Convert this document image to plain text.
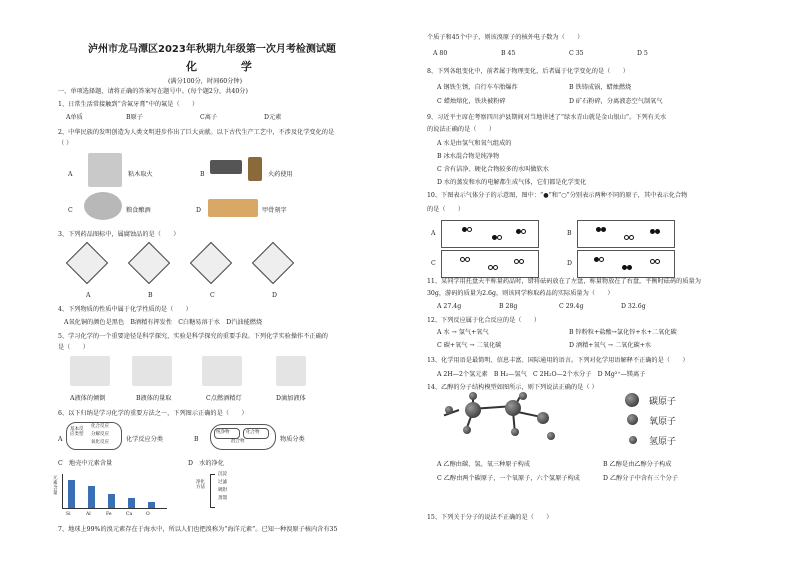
泸州市龙马潭区2023年秋期九年级第一次月考检测试题
化 学
(满分100分，时间60分钟)
一、单项选择题，请将正确的答案写在题号中。(每个题2分，共40分)
1、日常生活常接触到“含氟牙膏”中的氟是（　　）
A单质	B原子	C离子	D元素
2、中华民族的发明创造为人类文明进步作出了巨大贡献。以下古代生产工艺中，不涉及化学变化的是
（ ）
A	粘木取火	B	火药使用
C	粮食酿酒	D	甲骨刻字
3、下列药品图标中，属腐蚀品的是（　　）
A	B	C	D
4、下列物质的性质中属于化学性质的是（　　）
A氧化铜的颜色是黑色　B酒精有挥发性　C白糖易溶于水　D汽油能燃烧
5、学习化学的一个重要途径是科学探究，实验是科学探究的重要手段。下列化学实验操作不正确的
是（　　）
A液体的倾倒	B液体的量取	C点燃酒精灯	D滴加液体
6、以下归纳是学习化学的重要方法之一，下列图示正确的是（　　）
A
基本反应类型
化合反应
分解反应
氧化反应	化学反应分类	B
纯净物	化合物
混合物	物质分类
C　地壳中元素含量	D　水的净化
元素含量
Si	Al	Fe	Ca	O
净化方法
沉淀
过滤
吸附
蒸馏
7、地球上99%的溴元素存在于海水中，所以人们也把溴称为“海洋元素”。已知一种溴原子核内含有35
个质子和45个中子，则该溴原子的核外电子数为（　　）
A 80	B 45	C 35	D 5
8、下列各组变化中，前者属于物理变化，后者属于化学变化的是（　　）
A 钢铁生锈，自行车车胎爆炸	B 铁铸成锅，蜡烛燃烧
C 蜡烛熔化，铁块被粉碎	D 矿石粉碎，分离液态空气制氧气
9、习近平主席在考察四川泸县期间对当地讲述了“绿水青山就是金山银山”。下列有关水
的说法正确的是（　　）
A 水是由氢气和氧气组成的
B 冰水混合物是纯净物
C 含有洁净、硬化合物较多的水叫做软水
D 水的蒸发和水的电解都生成气体，它们都是化学变化
10、下图表示气体分子的示意图，图中：“●”和“○”分别表示两种不同的原子，其中表示化合物
的是（　　）
A	B
C	D
11、某同学用托盘天平称量药品时，错将砝码放在了左盘，称量物放在了右盘，平衡时砝码的质量为
30g，游码的质量为2.6g，则该同学称取药品的实际质量为（　　）
A 27.4g	B 28g	C 29.4g	D 32.6g
12、下列反应属于化合反应的是（　　）
A 水 → 氢气+氧气	B 锌粉粒+盐酸→氯化锌+水+二氧化碳
C 碳+氧气 → 二氧化碳	D 酒精+氧气 → 二氧化碳+水
13、化学用语是最简明、信息丰富、国际通用的语言。下列对化学用语解释不正确的是（　　）
A 2H—2个氢元素　B H₂—氢气　C 2H₂O—2个水分子　D Mg²⁺—镁离子
14、乙醇的分子结构模型如图所示，则下列说法正确的是（ ）
碳原子
氧原子
氢原子
A 乙醇由碳、氢、氧三种原子构成	B 乙醇是由乙醇分子构成
C 乙醇由两个碳原子，一个氧原子，六个氢原子构成	D 乙醇分子中含有三个分子
15、下列关于分子的说法不正确的是（　　）
